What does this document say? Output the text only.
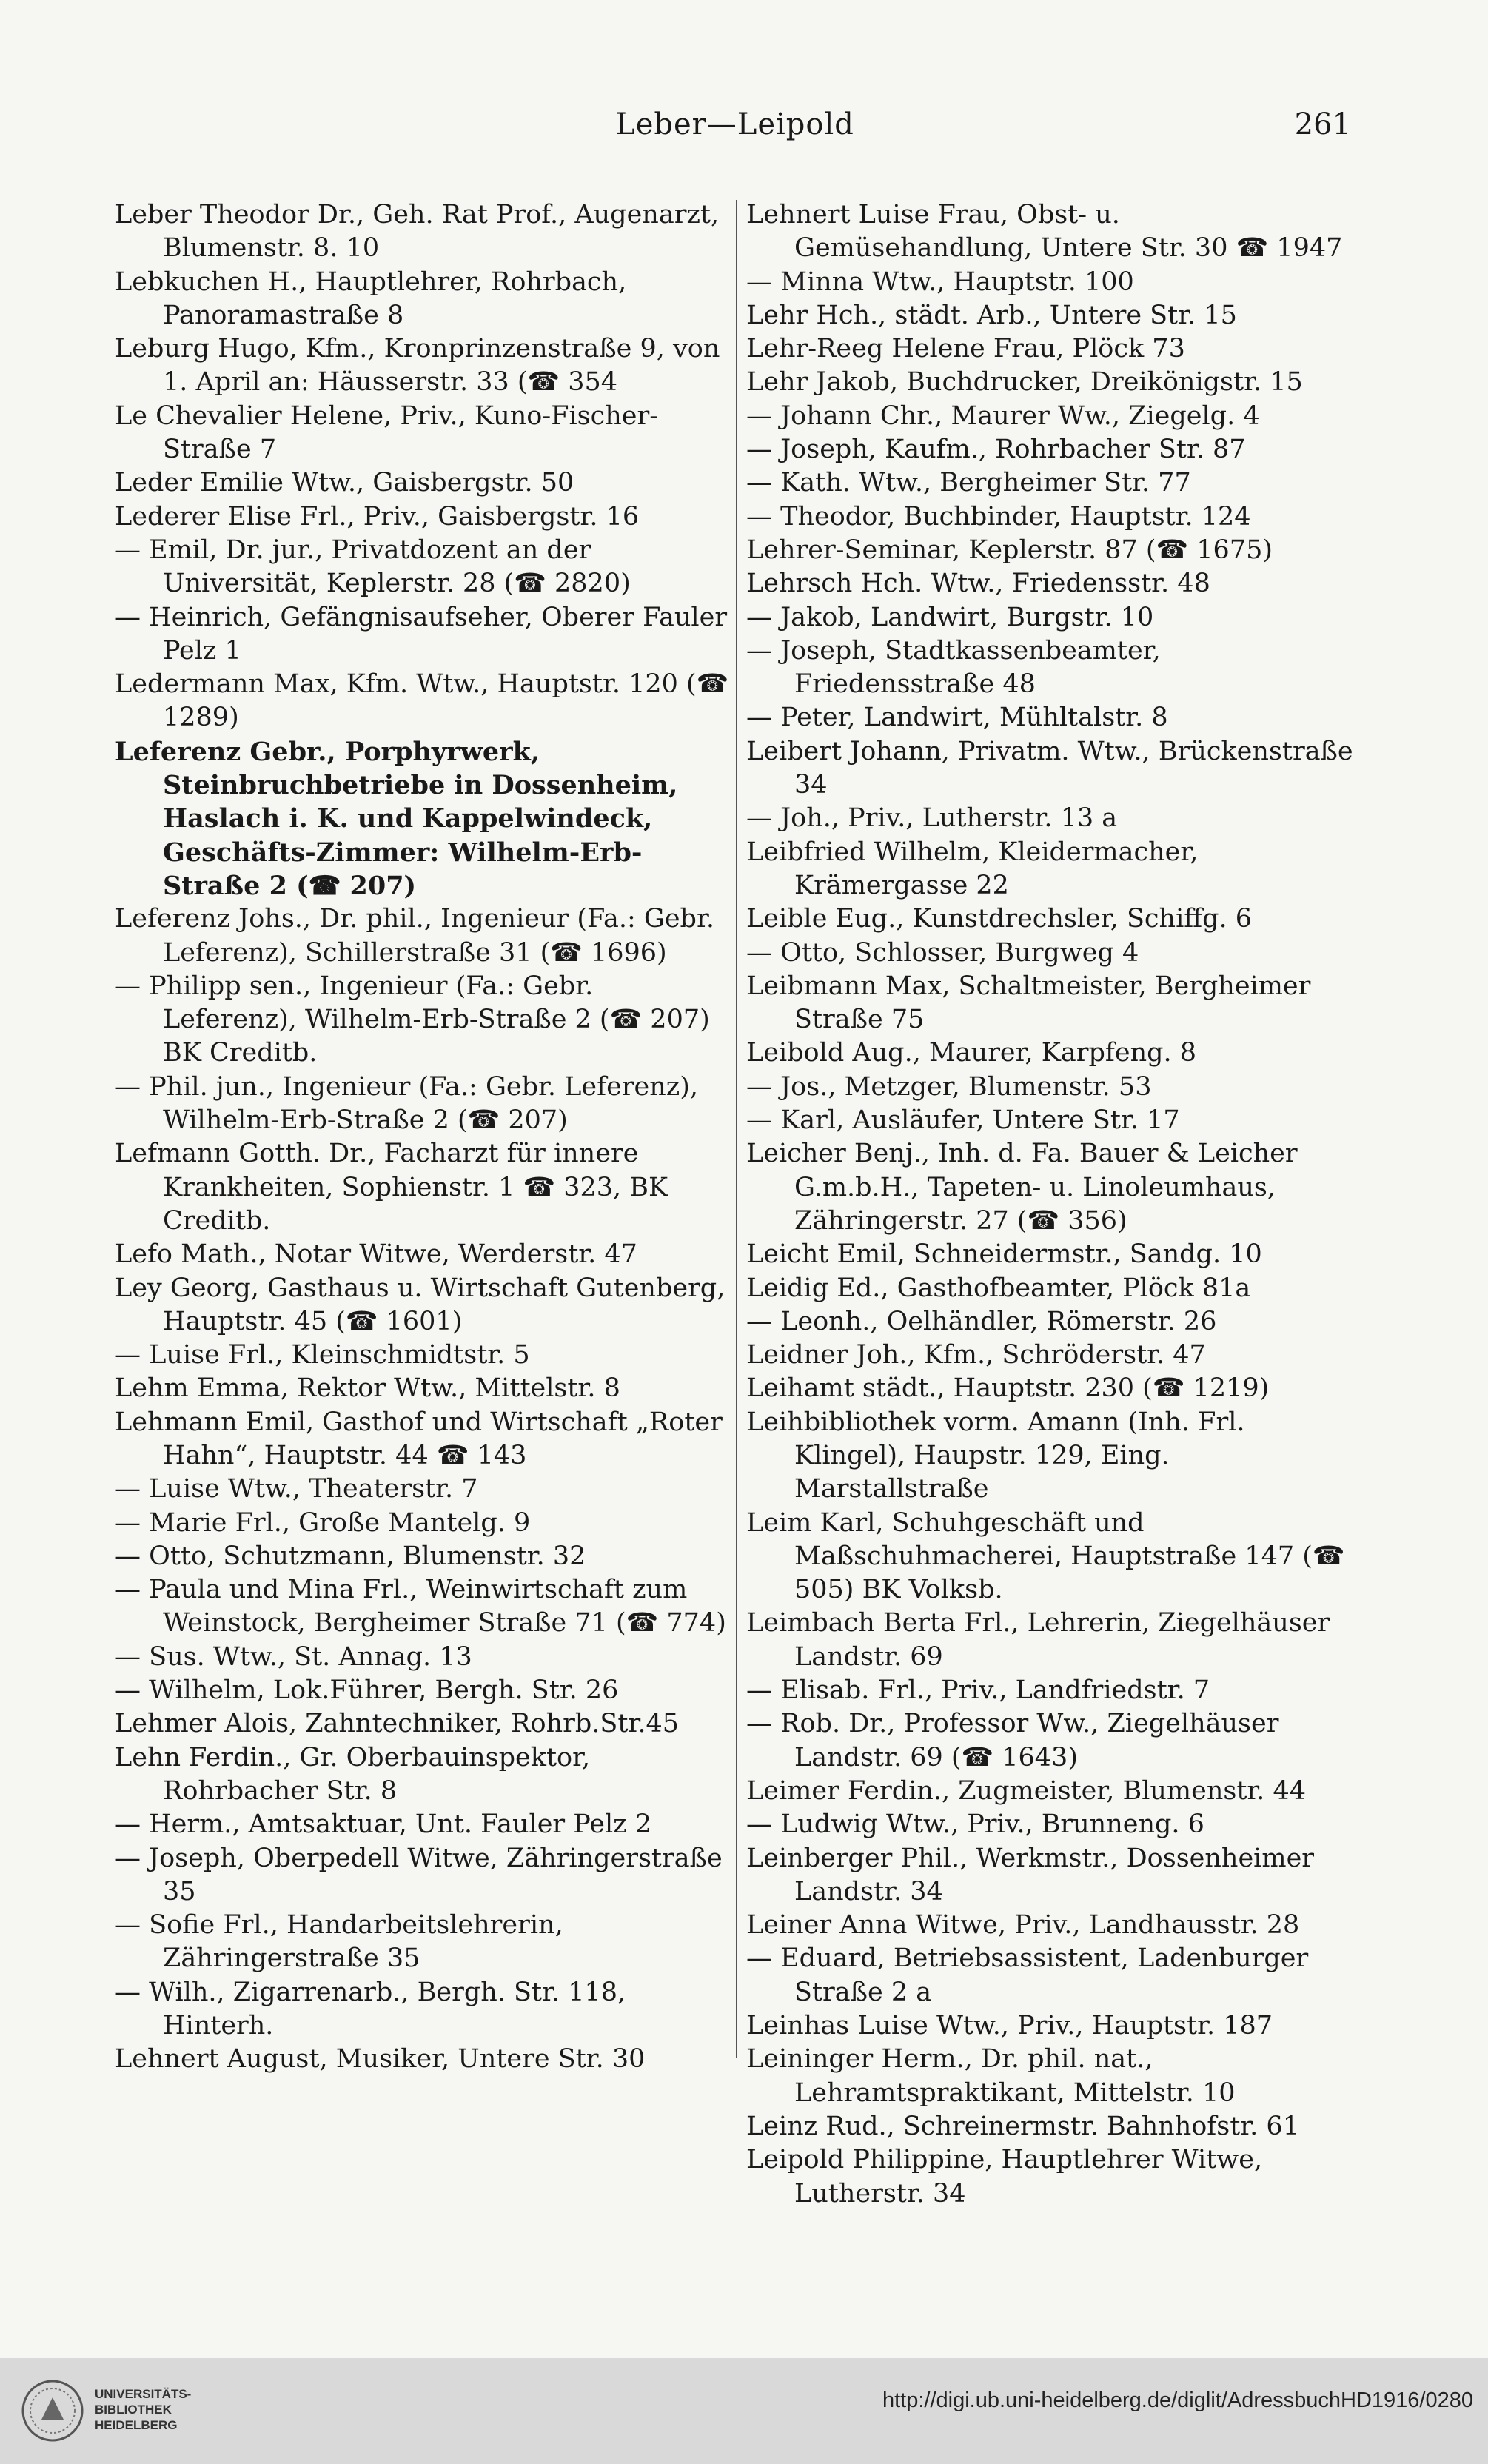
Leber—Leipold	261
Leber Theodor Dr., Geh. Rat Prof., Augenarzt, Blumenstr. 8. 10
Lebkuchen H., Hauptlehrer, Rohrbach, Panoramastraße 8
Leburg Hugo, Kfm., Kronprinzenstraße 9, von 1. April an: Häusserstr. 33 (☎ 354
Le Chevalier Helene, Priv., Kuno-Fischer-Straße 7
Leder Emilie Wtw., Gaisbergstr. 50
Lederer Elise Frl., Priv., Gaisbergstr. 16
— Emil, Dr. jur., Privatdozent an der Universität, Keplerstr. 28 (☎ 2820)
— Heinrich, Gefängnisaufseher, Oberer Fauler Pelz 1
Ledermann Max, Kfm. Wtw., Hauptstr. 120 (☎ 1289)
Leferenz Gebr., Porphyrwerk, Steinbruchbetriebe in Dossenheim, Haslach i. K. und Kappelwindeck, Geschäfts-Zimmer: Wilhelm-Erb-Straße 2 (☎ 207)
Leferenz Johs., Dr. phil., Ingenieur (Fa.: Gebr. Leferenz), Schillerstraße 31 (☎ 1696)
— Philipp sen., Ingenieur (Fa.: Gebr. Leferenz), Wilhelm-Erb-Straße 2 (☎ 207) BK Creditb.
— Phil. jun., Ingenieur (Fa.: Gebr. Leferenz), Wilhelm-Erb-Straße 2 (☎ 207)
Lefmann Gotth. Dr., Facharzt für innere Krankheiten, Sophienstr. 1 ☎ 323, BK Creditb.
Lefo Math., Notar Witwe, Werderstr. 47
Ley Georg, Gasthaus u. Wirtschaft Gutenberg, Hauptstr. 45 (☎ 1601)
— Luise Frl., Kleinschmidtstr. 5
Lehm Emma, Rektor Wtw., Mittelstr. 8
Lehmann Emil, Gasthof und Wirtschaft „Roter Hahn“, Hauptstr. 44 ☎ 143
— Luise Wtw., Theaterstr. 7
— Marie Frl., Große Mantelg. 9
— Otto, Schutzmann, Blumenstr. 32
— Paula und Mina Frl., Weinwirtschaft zum Weinstock, Bergheimer Straße 71 (☎ 774)
— Sus. Wtw., St. Annag. 13
— Wilhelm, Lok.Führer, Bergh. Str. 26
Lehmer Alois, Zahntechniker, Rohrb.Str.45
Lehn Ferdin., Gr. Oberbauinspektor, Rohrbacher Str. 8
— Herm., Amtsaktuar, Unt. Fauler Pelz 2
— Joseph, Oberpedell Witwe, Zähringerstraße 35
— Sofie Frl., Handarbeitslehrerin, Zähringerstraße 35
— Wilh., Zigarrenarb., Bergh. Str. 118, Hinterh.
Lehnert August, Musiker, Untere Str. 30
Lehnert Luise Frau, Obst- u. Gemüsehandlung, Untere Str. 30 ☎ 1947
— Minna Wtw., Hauptstr. 100
Lehr Hch., städt. Arb., Untere Str. 15
Lehr-Reeg Helene Frau, Plöck 73
Lehr Jakob, Buchdrucker, Dreikönigstr. 15
— Johann Chr., Maurer Ww., Ziegelg. 4
— Joseph, Kaufm., Rohrbacher Str. 87
— Kath. Wtw., Bergheimer Str. 77
— Theodor, Buchbinder, Hauptstr. 124
Lehrer-Seminar, Keplerstr. 87 (☎ 1675)
Lehrsch Hch. Wtw., Friedensstr. 48
— Jakob, Landwirt, Burgstr. 10
— Joseph, Stadtkassenbeamter, Friedensstraße 48
— Peter, Landwirt, Mühltalstr. 8
Leibert Johann, Privatm. Wtw., Brückenstraße 34
— Joh., Priv., Lutherstr. 13 a
Leibfried Wilhelm, Kleidermacher, Krämergasse 22
Leible Eug., Kunstdrechsler, Schiffg. 6
— Otto, Schlosser, Burgweg 4
Leibmann Max, Schaltmeister, Bergheimer Straße 75
Leibold Aug., Maurer, Karpfeng. 8
— Jos., Metzger, Blumenstr. 53
— Karl, Ausläufer, Untere Str. 17
Leicher Benj., Inh. d. Fa. Bauer & Leicher G.m.b.H., Tapeten- u. Linoleumhaus, Zähringerstr. 27 (☎ 356)
Leicht Emil, Schneidermstr., Sandg. 10
Leidig Ed., Gasthofbeamter, Plöck 81a
— Leonh., Oelhändler, Römerstr. 26
Leidner Joh., Kfm., Schröderstr. 47
Leihamt städt., Hauptstr. 230 (☎ 1219)
Leihbibliothek vorm. Amann (Inh. Frl. Klingel), Haupstr. 129, Eing. Marstallstraße
Leim Karl, Schuhgeschäft und Maßschuhmacherei, Hauptstraße 147 (☎ 505) BK Volksb.
Leimbach Berta Frl., Lehrerin, Ziegelhäuser Landstr. 69
— Elisab. Frl., Priv., Landfriedstr. 7
— Rob. Dr., Professor Ww., Ziegelhäuser Landstr. 69 (☎ 1643)
Leimer Ferdin., Zugmeister, Blumenstr. 44
— Ludwig Wtw., Priv., Brunneng. 6
Leinberger Phil., Werkmstr., Dossenheimer Landstr. 34
Leiner Anna Witwe, Priv., Landhausstr. 28
— Eduard, Betriebsassistent, Ladenburger Straße 2 a
Leinhas Luise Wtw., Priv., Hauptstr. 187
Leininger Herm., Dr. phil. nat., Lehramtspraktikant, Mittelstr. 10
Leinz Rud., Schreinermstr. Bahnhofstr. 61
Leipold Philippine, Hauptlehrer Witwe, Lutherstr. 34
UNIVERSITÄTS-
BIBLIOTHEK
HEIDELBERG
http://digi.ub.uni-heidelberg.de/diglit/AdressbuchHD1916/0280
